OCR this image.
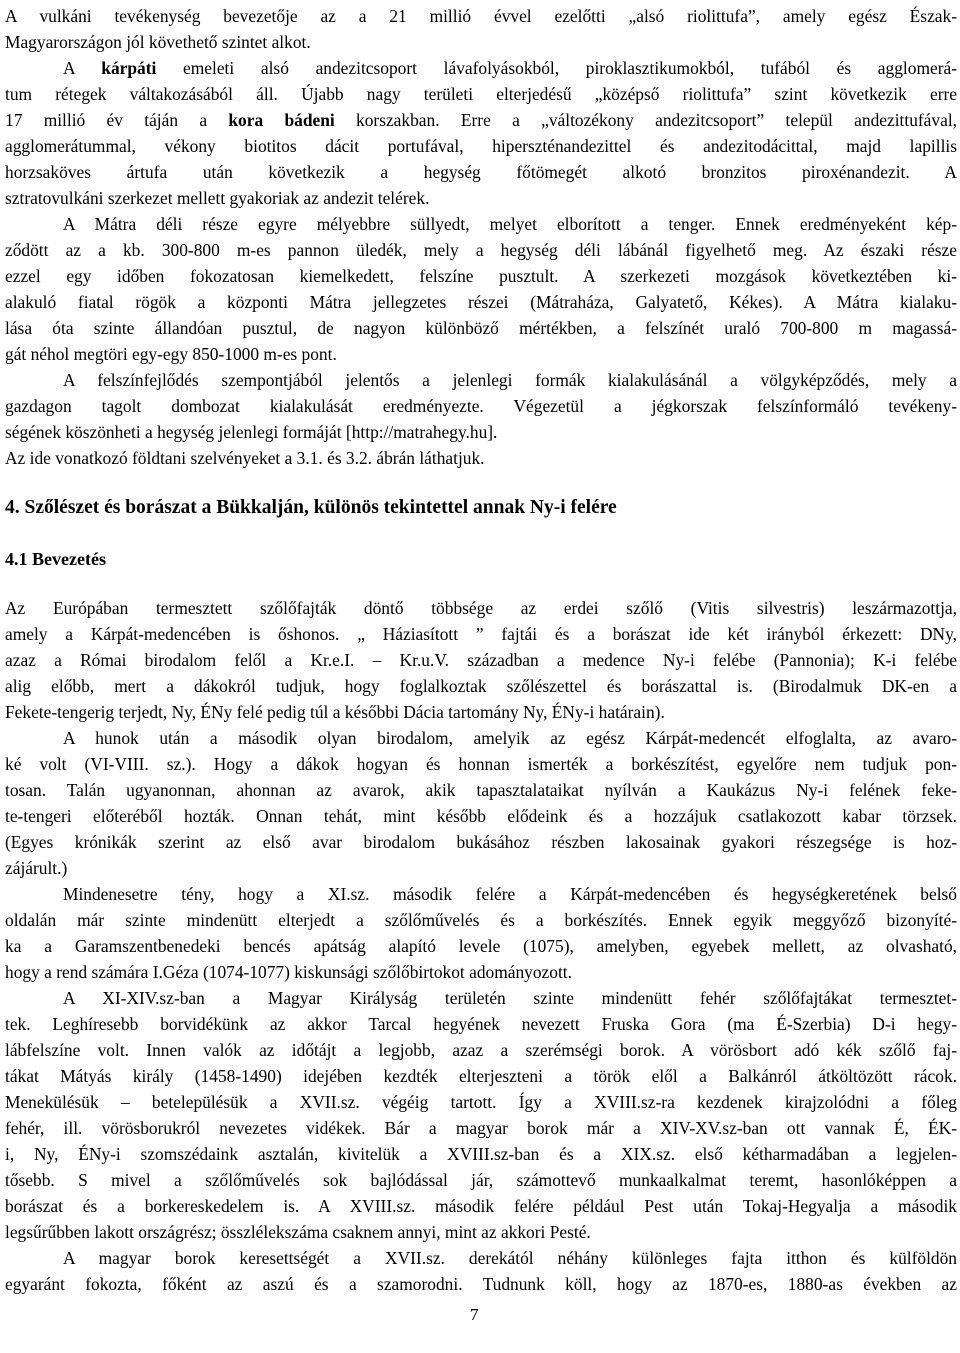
A vulkáni tevékenység bevezetője az a 21 millió évvel ezelőtti „alsó riolittufa”, amely egész Észak-
Magyarországon jól követhető szintet alkot.
A kárpáti emeleti alsó andezitcsoport lávafolyásokból, piroklasztikumokból, tufából és agglomerá-
tum rétegek váltakozásából áll. Újabb nagy területi elterjedésű „középső riolittufa” szint következik erre
17 millió év táján a kora bádeni korszakban. Erre a „változékony andezitcsoport” települ andezittufával,
agglomerátummal, vékony biotitos dácit portufával, hiperszténandezittel és andezitodácittal, majd lapillis
horzsaköves ártufa után következik a hegység főtömegét alkotó bronzitos piroxénandezit. A
sztratovulkáni szerkezet mellett gyakoriak az andezit telérek.
A Mátra déli része egyre mélyebbre süllyedt, melyet elborított a tenger. Ennek eredményeként kép-
ződött az a kb. 300-800 m-es pannon üledék, mely a hegység déli lábánál figyelhető meg. Az északi része
ezzel egy időben fokozatosan kiemelkedett, felszíne pusztult. A szerkezeti mozgások következtében ki-
alakuló fiatal rögök a központi Mátra jellegzetes részei (Mátraháza, Galyatető, Kékes). A Mátra kialaku-
lása óta szinte állandóan pusztul, de nagyon különböző mértékben, a felszínét uraló 700-800 m magassá-
gát néhol megtöri egy-egy 850-1000 m-es pont.
A felszínfejlődés szempontjából jelentős a jelenlegi formák kialakulásánál a völgyképződés, mely a
gazdagon tagolt dombozat kialakulását eredményezte. Végezetül a jégkorszak felszínformáló tevékeny-
ségének köszönheti a hegység jelenlegi formáját [http://matrahegy.hu].
Az ide vonatkozó földtani szelvényeket a 3.1. és 3.2. ábrán láthatjuk.
4. Szőlészet és borászat a Bükkalján, különös tekintettel annak Ny-i felére
4.1 Bevezetés
Az Európában termesztett szőlőfajták döntő többsége az erdei szőlő (Vitis silvestris) leszármazottja,
amely a Kárpát-medencében is őshonos. „ Háziasított ” fajtái és a borászat ide két irányból érkezett: DNy,
azaz a Római birodalom felől a Kr.e.I. – Kr.u.V. században a medence Ny-i felébe (Pannonia); K-i felébe
alig előbb, mert a dákokról tudjuk, hogy foglalkoztak szőlészettel és borászattal is. (Birodalmuk DK-en a
Fekete-tengerig terjedt, Ny, ÉNy felé pedig túl a későbbi Dácia tartomány Ny, ÉNy-i határain).
A hunok után a második olyan birodalom, amelyik az egész Kárpát-medencét elfoglalta, az avaro-
ké volt (VI-VIII. sz.). Hogy a dákok hogyan és honnan ismerték a borkészítést, egyelőre nem tudjuk pon-
tosan. Talán ugyanonnan, ahonnan az avarok, akik tapasztalataikat nyílván a Kaukázus Ny-i felének feke-
te-tengeri előteréből hozták. Onnan tehát, mint később elődeink és a hozzájuk csatlakozott kabar törzsek.
(Egyes krónikák szerint az első avar birodalom bukásához részben lakosainak gyakori részegsége is hoz-
zájárult.)
Mindenesetre tény, hogy a XI.sz. második felére a Kárpát-medencében és hegységkeretének belső
oldalán már szinte mindenütt elterjedt a szőlőművelés és a borkészítés. Ennek egyik meggyőző bizonyíté-
ka a Garamszentbenedeki bencés apátság alapító levele (1075), amelyben, egyebek mellett, az olvasható,
hogy a rend számára I.Géza (1074-1077) kiskunsági szőlőbirtokot adományozott.
A XI-XIV.sz-ban a Magyar Királyság területén szinte mindenütt fehér szőlőfajtákat termesztet-
tek. Leghíresebb borvidékünk az akkor Tarcal hegyének nevezett Fruska Gora (ma É-Szerbia) D-i hegy-
lábfelszíne volt. Innen valók az időtájt a legjobb, azaz a szerémségi borok. A vörösbort adó kék szőlő faj-
tákat Mátyás király (1458-1490) idejében kezdték elterjeszteni a török elől a Balkánról átköltözött rácok.
Menekülésük – betelepülésük a XVII.sz. végéig tartott. Így a XVIII.sz-ra kezdenek kirajzolódni a főleg
fehér, ill. vörösborukról nevezetes vidékek. Bár a magyar borok már a XIV-XV.sz-ban ott vannak É, ÉK-
i, Ny, ÉNy-i szomszédaink asztalán, kivitelük a XVIII.sz-ban és a XIX.sz. első kétharmadában a legjelen-
tősebb. S mivel a szőlőművelés sok bajlódással jár, számottevő munkaalkalmat teremt, hasonlóképpen a
borászat és a borkereskedelem is. A XVIII.sz. második felére például Pest után Tokaj-Hegyalja a második
legsűrűbben lakott országrész; összlélekszáma csaknem annyi, mint az akkori Pesté.
A magyar borok keresettségét a XVII.sz. derekától néhány különleges fajta itthon és külföldön
egyaránt fokozta, főként az aszú és a szamorodni. Tudnunk köll, hogy az 1870-es, 1880-as években az
7
